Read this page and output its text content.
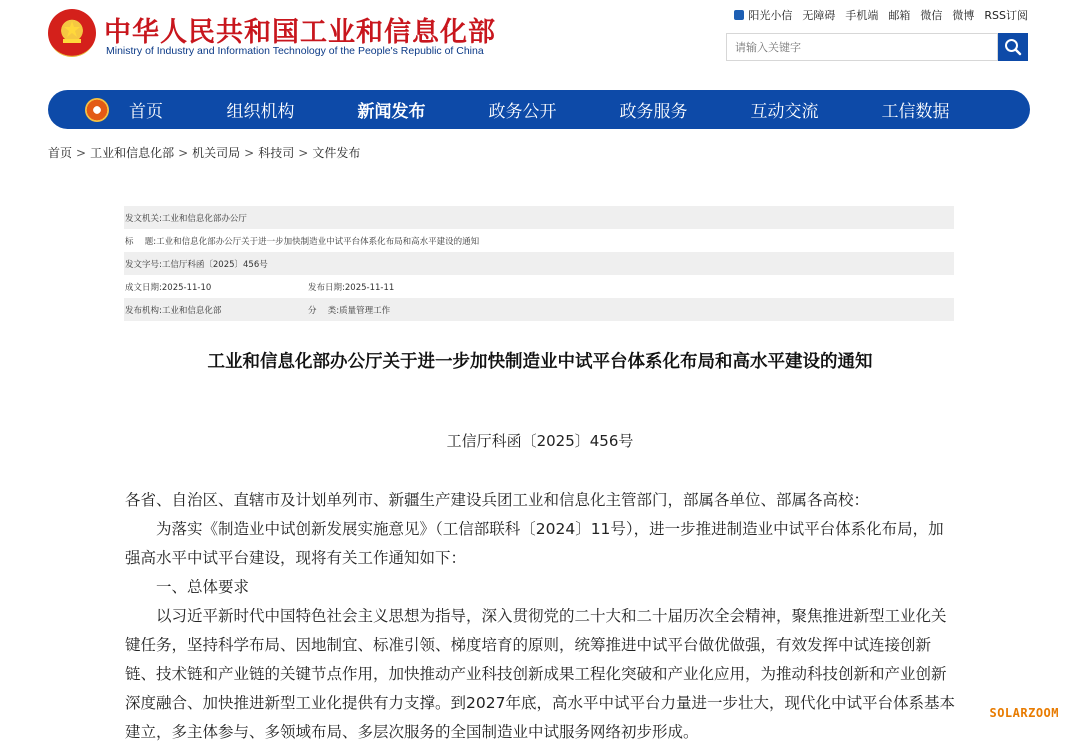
中华人民共和国工业和信息化部
Ministry of Industry and Information Technology of the People's Republic of China
阳光小信 无障碍 手机端 邮箱 微信 微博 RSS订阅
请输入关键字
首页	组织机构	新闻发布	政务公开	政务服务	互动交流	工信数据
首页 > 工业和信息化部 > 机关司局 > 科技司 > 文件发布
发文机关: 工业和信息化部办公厅
标　 题: 工业和信息化部办公厅关于进一步加快制造业中试平台体系化布局和高水平建设的通知
发文字号: 工信厅科函〔2025〕456号
成文日期:2025-11-10	发布日期:2025-11-11
发布机构:工业和信息化部	分　 类:质量管理工作
工业和信息化部办公厅关于进一步加快制造业中试平台体系化布局和高水平建设的通知
工信厅科函〔2025〕456号
各省、自治区、直辖市及计划单列市、新疆生产建设兵团工业和信息化主管部门，部属各单位、部属各高校：
为落实《制造业中试创新发展实施意见》（工信部联科〔2024〕11号），进一步推进制造业中试平台体系化布局，加强高水平中试平台建设，现将有关工作通知如下：
一、总体要求
以习近平新时代中国特色社会主义思想为指导，深入贯彻党的二十大和二十届历次全会精神，聚焦推进新型工业化关键任务，坚持科学布局、因地制宜、标准引领、梯度培育的原则，统筹推进中试平台做优做强，有效发挥中试连接创新链、技术链和产业链的关键节点作用，加快推动产业科技创新成果工程化突破和产业化应用，为推动科技创新和产业创新深度融合、加快推进新型工业化提供有力支撑。到2027年底，高水平中试平台力量进一步壮大，现代化中试平台体系基本建立，多主体参与、多领域布局、多层次服务的全国制造业中试服务网络初步形成。
SOLARZOOM
